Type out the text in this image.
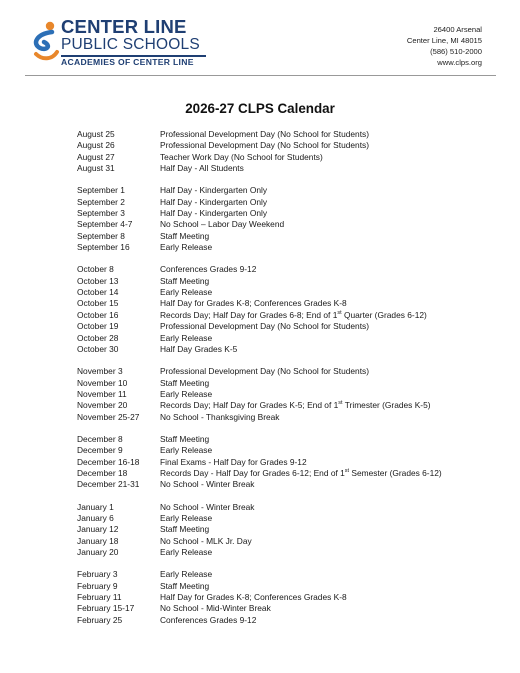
CENTER LINE
PUBLIC SCHOOLS
ACADEMIES OF CENTER LINE
26400 Arsenal
Center Line, MI 48015
(586) 510-2000
www.clps.org
2026-27 CLPS Calendar
August 25	Professional Development Day (No School for Students)
August 26	Professional Development Day (No School for Students)
August 27	Teacher Work Day (No School for Students)
August 31	Half Day - All Students
September 1	Half Day - Kindergarten Only
September 2	Half Day - Kindergarten Only
September 3	Half Day - Kindergarten Only
September 4-7	No School – Labor Day Weekend
September 8	Staff Meeting
September 16	Early Release
October 8	Conferences Grades 9-12
October 13	Staff Meeting
October 14	Early Release
October 15	Half Day for Grades K-8; Conferences Grades K-8
October 16	Records Day; Half Day for Grades 6-8; End of 1st Quarter (Grades 6-12)
October 19	Professional Development Day (No School for Students)
October 28	Early Release
October 30	Half Day Grades K-5
November 3	Professional Development Day (No School for Students)
November 10	Staff Meeting
November 11	Early Release
November 20	Records Day; Half Day for Grades K-5; End of 1st Trimester (Grades K-5)
November 25-27	No School - Thanksgiving Break
December 8	Staff Meeting
December 9	Early Release
December 16-18	Final Exams - Half Day for Grades 9-12
December 18	Records Day - Half Day for Grades 6-12; End of 1st Semester (Grades 6-12)
December 21-31	No School - Winter Break
January 1	No School - Winter Break
January 6	Early Release
January 12	Staff Meeting
January 18	No School - MLK Jr. Day
January 20	Early Release
February 3	Early Release
February 9	Staff Meeting
February 11	Half Day for Grades K-8; Conferences Grades K-8
February 15-17	No School - Mid-Winter Break
February 25	Conferences Grades 9-12
